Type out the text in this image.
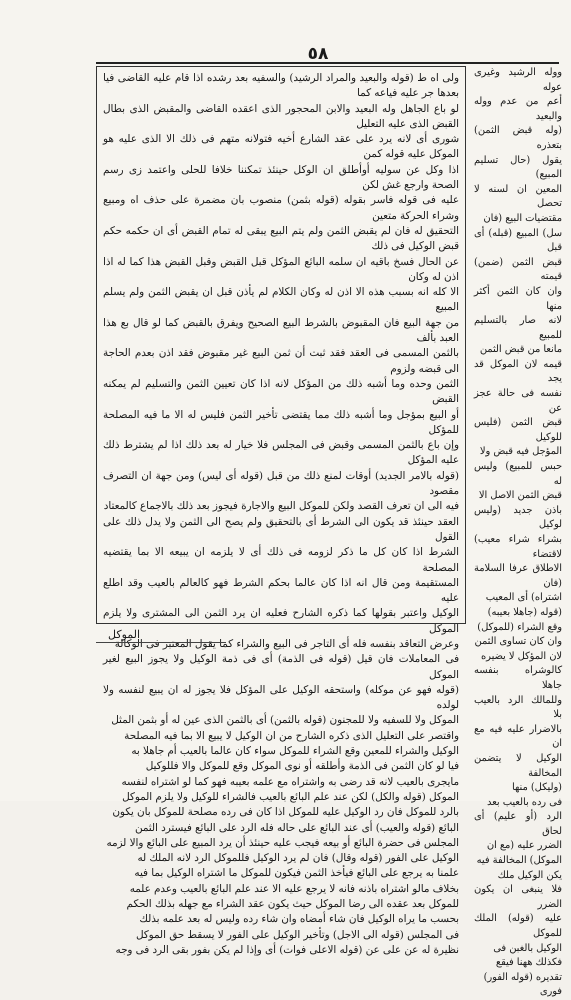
٥٨

ولى اه ط (قوله والبعيد والمراد الرشيد) والسفيه بعد رشده اذا قام عليه القاضى فيا بعدها جر عليه فياعه كما

لو باع الجاهل وله البعيد والابن المحجور الذى اعقده القاضى والمقبض الذى بطال القبض الذى عليه التعليل

شورى أى لانه يرد على عقد الشارع أخيه فتولانه متهم فى ذلك الا الذى عليه هو الموكل عليه قوله كمن

اذا وكل عن سوليه أوأطلق ان الوكل حينئذ تمكننا خلافا للحلى واعتمد زى رسم الصحة وارجع غش لكن

عليه فى قوله فاسر بقوله (قوله بثمن) منصوب بان مضمرة على حذف اه ومبيع وشراء الحركة متعين

التحقيق له فان لم يقبض الثمن ولم يتم البيع يبقى له تمام القبض أى ان حكمه حكم قبض الوكيل فى ذلك

عن الحال فسخ باقيه ان سلمه البائع المؤكل قبل القبض وقبل القبض هذا كما له اذا اذن له وكان

الا كله انه بسبب هذه الا اذن له وكان الكلام لم يأذن قبل ان يقبض الثمن ولم يسلم المبيع

من جهة البيع فان المقبوض بالشرط البيع الصحيح ويفرق بالقبض كما لو قال بع هذا العبد بألف

بالثمن المسمى فى العقد فقد ثبت أن ثمن البيع غير مقبوض فقد اذن بعدم الحاجة الى قبضه ولزوم

الثمن وحده وما أشبه ذلك من المؤكل لانه اذا كان تعيين الثمن والتسليم لم يمكنه القبض

أو البيع بمؤجل وما أشبه ذلك مما يقتضى تأخير الثمن فليس له الا ما فيه المصلحة للمؤكل

وإن باع بالثمن المسمى وقبض فى المجلس فلا خيار له بعد ذلك اذا لم يشترط ذلك عليه المؤكل

(قوله بالامر الجديد) أوقات لمنع ذلك من قبل (قوله أى ليس) ومن جهة ان التصرف مقصود

فيه الى ان تعرف القصد ولكن للموكل البيع والاجارة فيجوز بعد ذلك بالاجماع كالمعتاد

العقد حينئذ قد يكون الى الشرط أى بالتحقيق ولم يصح الى الثمن ولا يدل ذلك على القول

الشرط اذا كان كل ما ذكر لزومه فى ذلك أى لا يلزمه ان يبيعه الا بما يقتضيه المصلحة

المستقيمة ومن قال انه اذا كان عالما بحكم الشرط فهو كالعالم بالعيب وقد اطلع عليه

الوكيل واعتبر بقولها كما ذكره الشارح فعليه ان يرد الثمن الى المشترى ولا يلزم الموكل

وعرض التعاقد بنفسه فله أى التاجر فى البيع والشراء كما يقول المعتبر فى الوكالة

فى المعاملات فان قيل (قوله فى الذمة) أى فى ذمة الوكيل ولا يجوز البيع لغير الموكل

(قوله فهو عن موكله) واستحقه الوكيل على المؤكل فلا يجوز له ان يبيع لنفسه ولا لولده

الموكل ولا للسفيه ولا للمجنون (قوله بالثمن) أى بالثمن الذى عين له أو بثمن المثل

واقتصر على التعليل الذى ذكره الشارح من ان الوكيل لا يبيع الا بما فيه المصلحة

الوكيل والشراء للمعين وقع الشراء للموكل سواء كان عالما بالعيب أم جاهلا به

فيا لو كان الثمن فى الذمة وأطلقه أو نوى الموكل وقع للموكل والا فللوكيل

مايجرى بالعيب لانه قد رضى به واشتراه مع علمه بعيبه فهو كما لو اشتراه لنفسه

الموكل (قوله والكل) لكن عند علم البائع بالعيب فالشراء للوكيل ولا يلزم الموكل

بالرد للموكل فان رد الوكيل عليه للموكل اذا كان فى رده مصلحة للموكل بان يكون

البائع (قوله والعيب) أى عند البائع على حاله فله الرد على البائع فيسترد الثمن

المجلس فى حضرة البائع أو بيعه فيجب عليه حينئذ أن يرد المبيع على البائع والا لزمه

الوكيل على الفور (قوله وقال) فان لم يرد الوكيل فللموكل الرد لانه الملك له

علمنا به يرجع على البائع فيأخذ الثمن فيكون للموكل ما اشتراه الوكيل بما فيه

بخلاف مالو اشتراه باذنه فانه لا يرجع عليه الا عند علم البائع بالعيب وعدم علمه

للموكل بعد عقده الى رضا الموكل حيث يكون عقد الشراء مع جهله بذلك الحكم

بحسب ما يراه الوكيل فان شاء أمضاه وان شاء رده وليس له بعد علمه بذلك

فى المجلس (قوله الى الاجل) وتأخير الوكيل على الفور لا يسقط حق الموكل

نظيرة له عن على عن (قوله الاعلى فوات) أى وإذا لم يكن بفور بقى الرد فى وجه

ووله الرشيد وغيرى عوله

أعم من عدم ووله والبعيد

(وله قبض الثمن) بتعذره

يقول (حال تسليم المبيع)

المعين ان لسنه لا تحصل

مقتضيات البيع (فان

سل) المبيع (قبله) أى قبل

قبض الثمن (ضمن) قيمته

وان كان الثمن أكثر منها

لانه صار بالتسليم للمبيع

مانعا من قبض الثمن

قيمه لان الموكل قد يجد

نفسه فى حالة عجز عن

قبض الثمن (فليس للوكيل

المؤجل فيه قبض ولا

حبس للمبيع) وليس له

قبض الثمن الاصل الا

باذن جديد (وليس لوكيل

بشراء شراء معيب) لاقتضاء

الاطلاق عرفا السلامة (فان

اشتراه) أى المعيب

(قوله (جاهلا بعيبه)

وقع الشراء (للموكل)

وان كان تساوى الثمن

لان المؤكل لا يضيره

كالوشراه بنفسه جاهلا

وللمالك الرد بالعيب بلا

بالاضرار عليه فيه مع ان

الوكيل لا يتضمن المخالفة

(وليكل) منها

فى رده بالعيب بعد

الرد (أو عليم) أى لحاق

الضرر عليه (مع ان

الموكل) المخالفة فيه

يكن الوكيل ملك

فلا ينبغى ان يكون الضرر

عليه (قوله) الملك للموكل

الوكيل بالغبن فى

فكذلك ههنا فيقع

تقديره (قوله الفور)

فورى

الموكل
